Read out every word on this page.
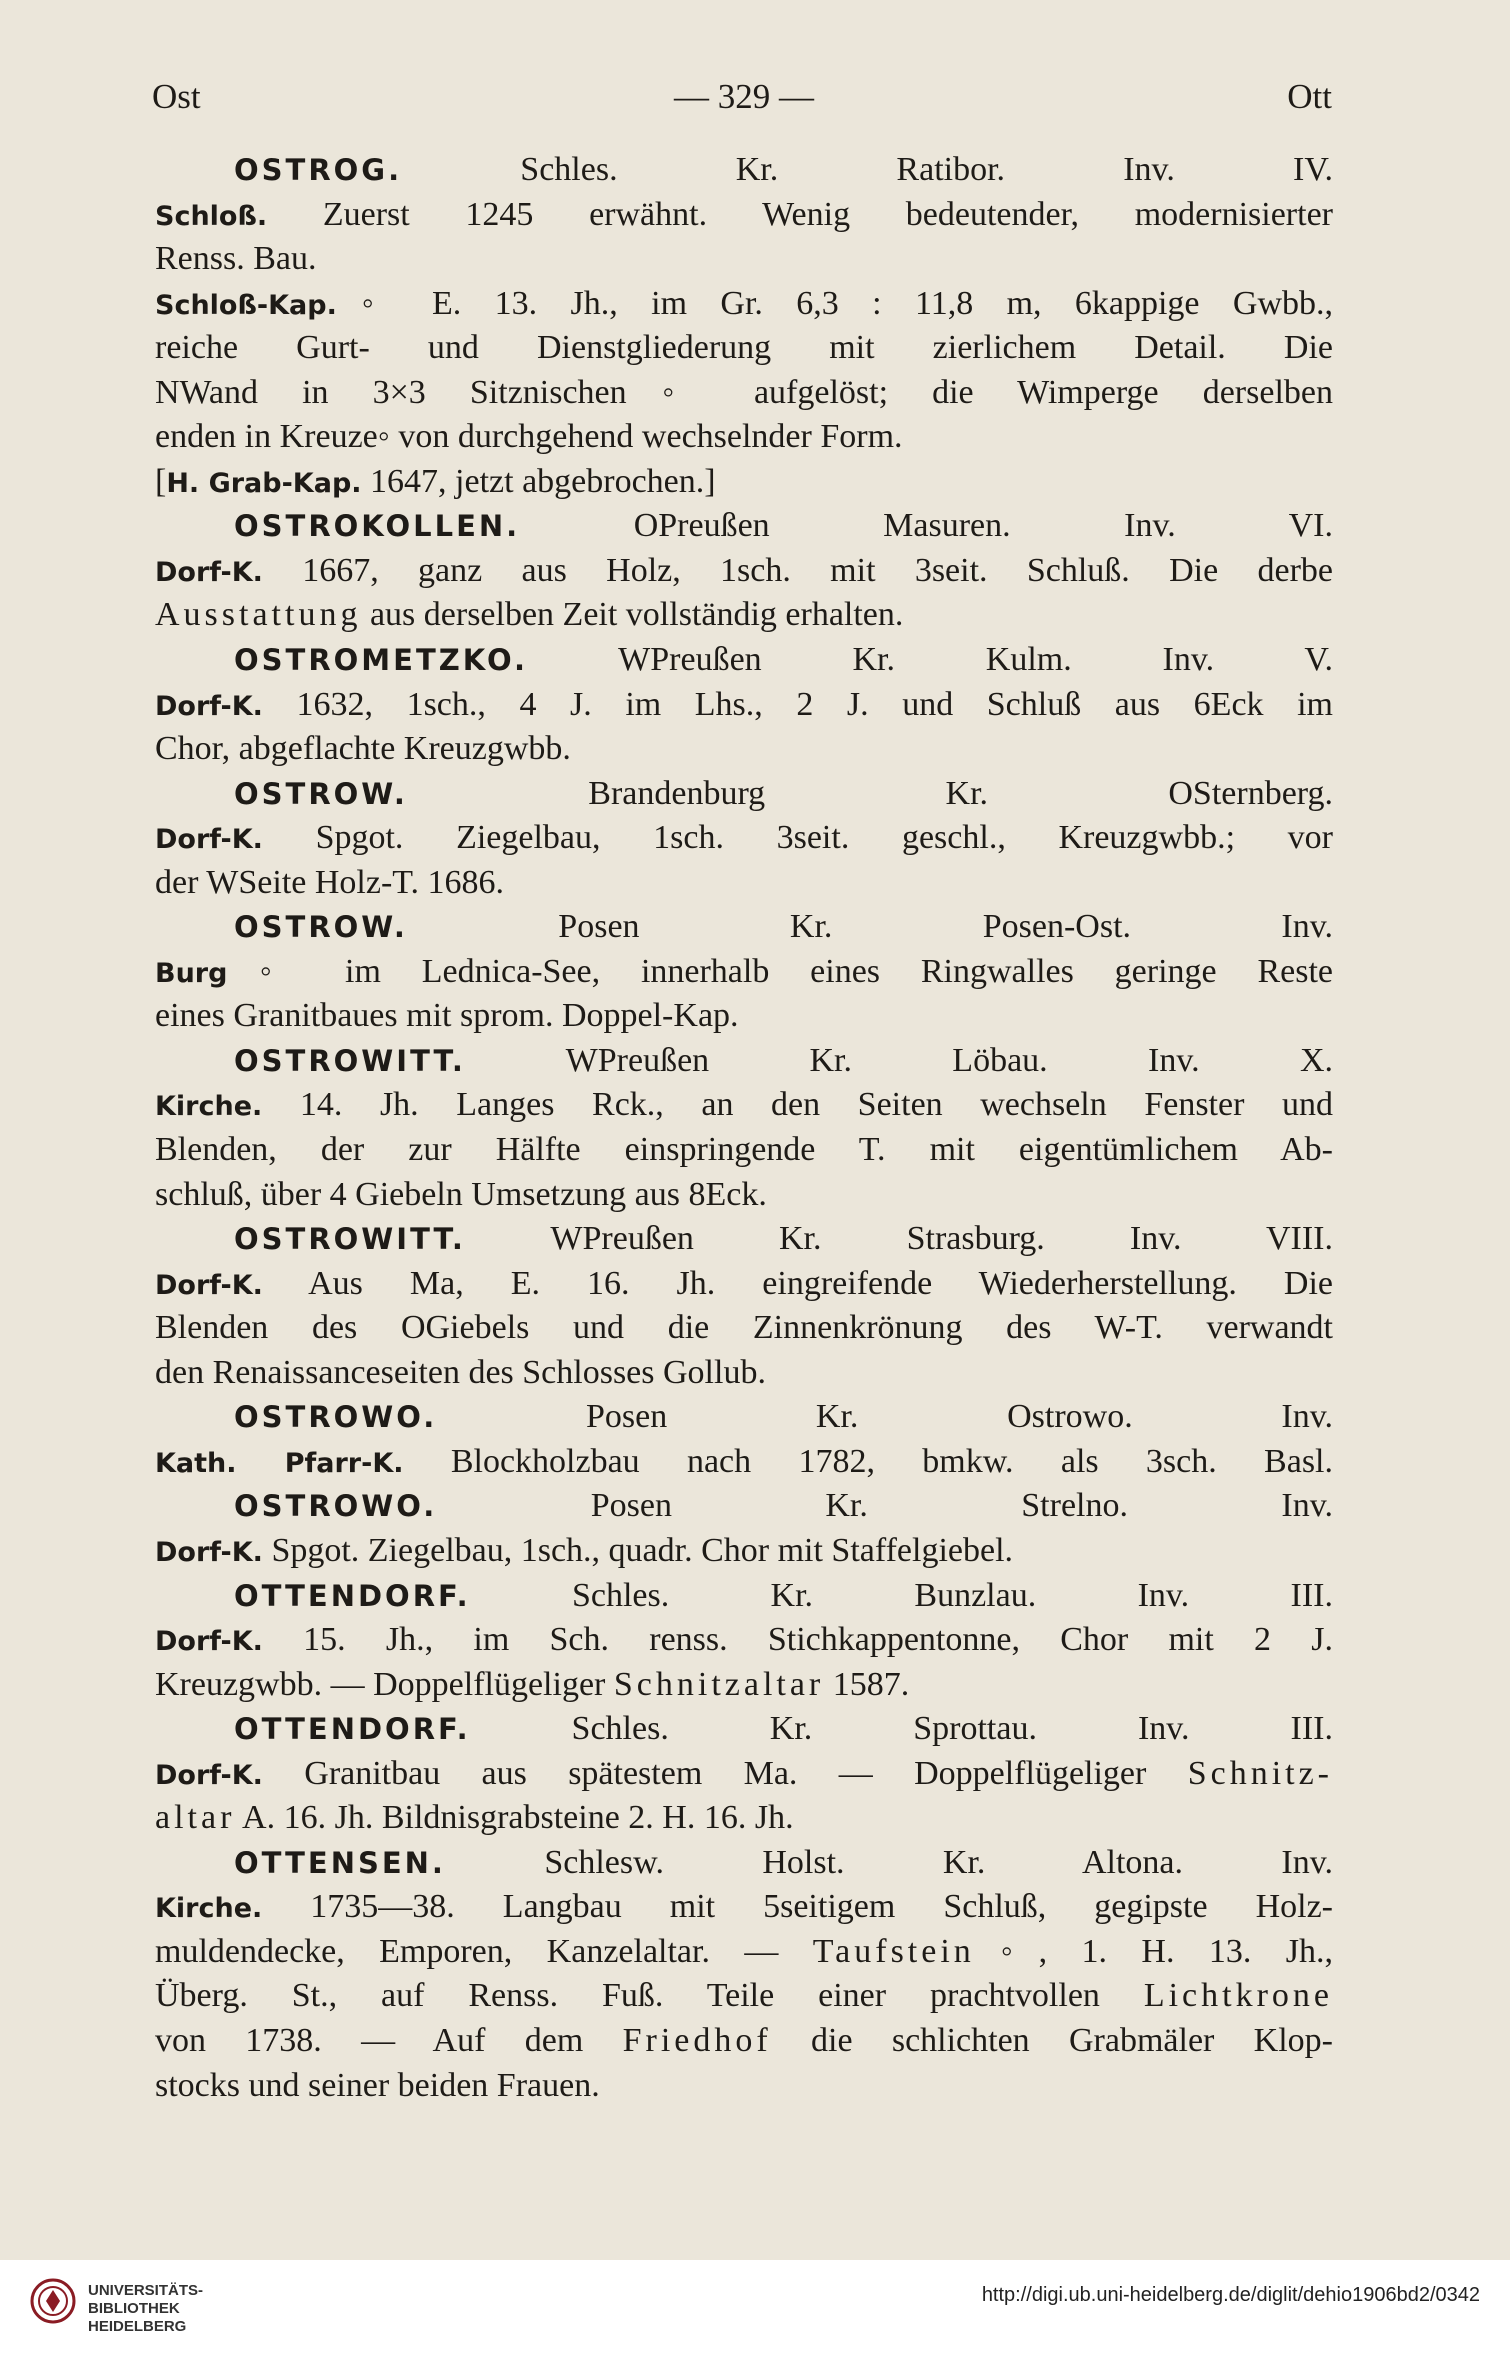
Ost	— 329 —	Ott
OSTROG. Schles. Kr. Ratibor. Inv. IV.
Schloß. Zuerst 1245 erwähnt. Wenig bedeutender, modernisierter
Renss. Bau.
Schloß-Kap.◦ E. 13. Jh., im Gr. 6,3 : 11,8 m, 6kappige Gwbb.,
reiche Gurt- und Dienstgliederung mit zierlichem Detail. Die
NWand in 3×3 Sitznischen◦ aufgelöst; die Wimperge derselben
enden in Kreuze◦ von durchgehend wechselnder Form.
[H. Grab-Kap. 1647, jetzt abgebrochen.]
OSTROKOLLEN. OPreußen Masuren. Inv. VI.
Dorf-K. 1667, ganz aus Holz, 1sch. mit 3seit. Schluß. Die derbe
Ausstattung aus derselben Zeit vollständig erhalten.
OSTROMETZKO. WPreußen Kr. Kulm. Inv. V.
Dorf-K. 1632, 1sch., 4 J. im Lhs., 2 J. und Schluß aus 6Eck im
Chor, abgeflachte Kreuzgwbb.
OSTROW. Brandenburg Kr. OSternberg.
Dorf-K. Spgot. Ziegelbau, 1sch. 3seit. geschl., Kreuzgwbb.; vor
der WSeite Holz-T. 1686.
OSTROW. Posen Kr. Posen-Ost. Inv.
Burg◦ im Lednica-See, innerhalb eines Ringwalles geringe Reste
eines Granitbaues mit sprom. Doppel-Kap.
OSTROWITT. WPreußen Kr. Löbau. Inv. X.
Kirche. 14. Jh. Langes Rck., an den Seiten wechseln Fenster und
Blenden, der zur Hälfte einspringende T. mit eigentümlichem Ab-
schluß, über 4 Giebeln Umsetzung aus 8Eck.
OSTROWITT. WPreußen Kr. Strasburg. Inv. VIII.
Dorf-K. Aus Ma, E. 16. Jh. eingreifende Wiederherstellung. Die
Blenden des OGiebels und die Zinnenkrönung des W-T. verwandt
den Renaissanceseiten des Schlosses Gollub.
OSTROWO. Posen Kr. Ostrowo. Inv.
Kath. Pfarr-K. Blockholzbau nach 1782, bmkw. als 3sch. Basl.
OSTROWO. Posen Kr. Strelno. Inv.
Dorf-K. Spgot. Ziegelbau, 1sch., quadr. Chor mit Staffelgiebel.
OTTENDORF. Schles. Kr. Bunzlau. Inv. III.
Dorf-K. 15. Jh., im Sch. renss. Stichkappentonne, Chor mit 2 J.
Kreuzgwbb. — Doppelflügeliger Schnitzaltar 1587.
OTTENDORF. Schles. Kr. Sprottau. Inv. III.
Dorf-K. Granitbau aus spätestem Ma. — Doppelflügeliger Schnitz-
altar A. 16. Jh. Bildnisgrabsteine 2. H. 16. Jh.
OTTENSEN. Schlesw. Holst. Kr. Altona. Inv.
Kirche. 1735—38. Langbau mit 5seitigem Schluß, gegipste Holz-
muldendecke, Emporen, Kanzelaltar. — Taufstein◦, 1. H. 13. Jh.,
Überg. St., auf Renss. Fuß. Teile einer prachtvollen Lichtkrone
von 1738. — Auf dem Friedhof die schlichten Grabmäler Klop-
stocks und seiner beiden Frauen.
UNIVERSITÄTS-
BIBLIOTHEK
HEIDELBERG
http://digi.ub.uni-heidelberg.de/diglit/dehio1906bd2/0342
